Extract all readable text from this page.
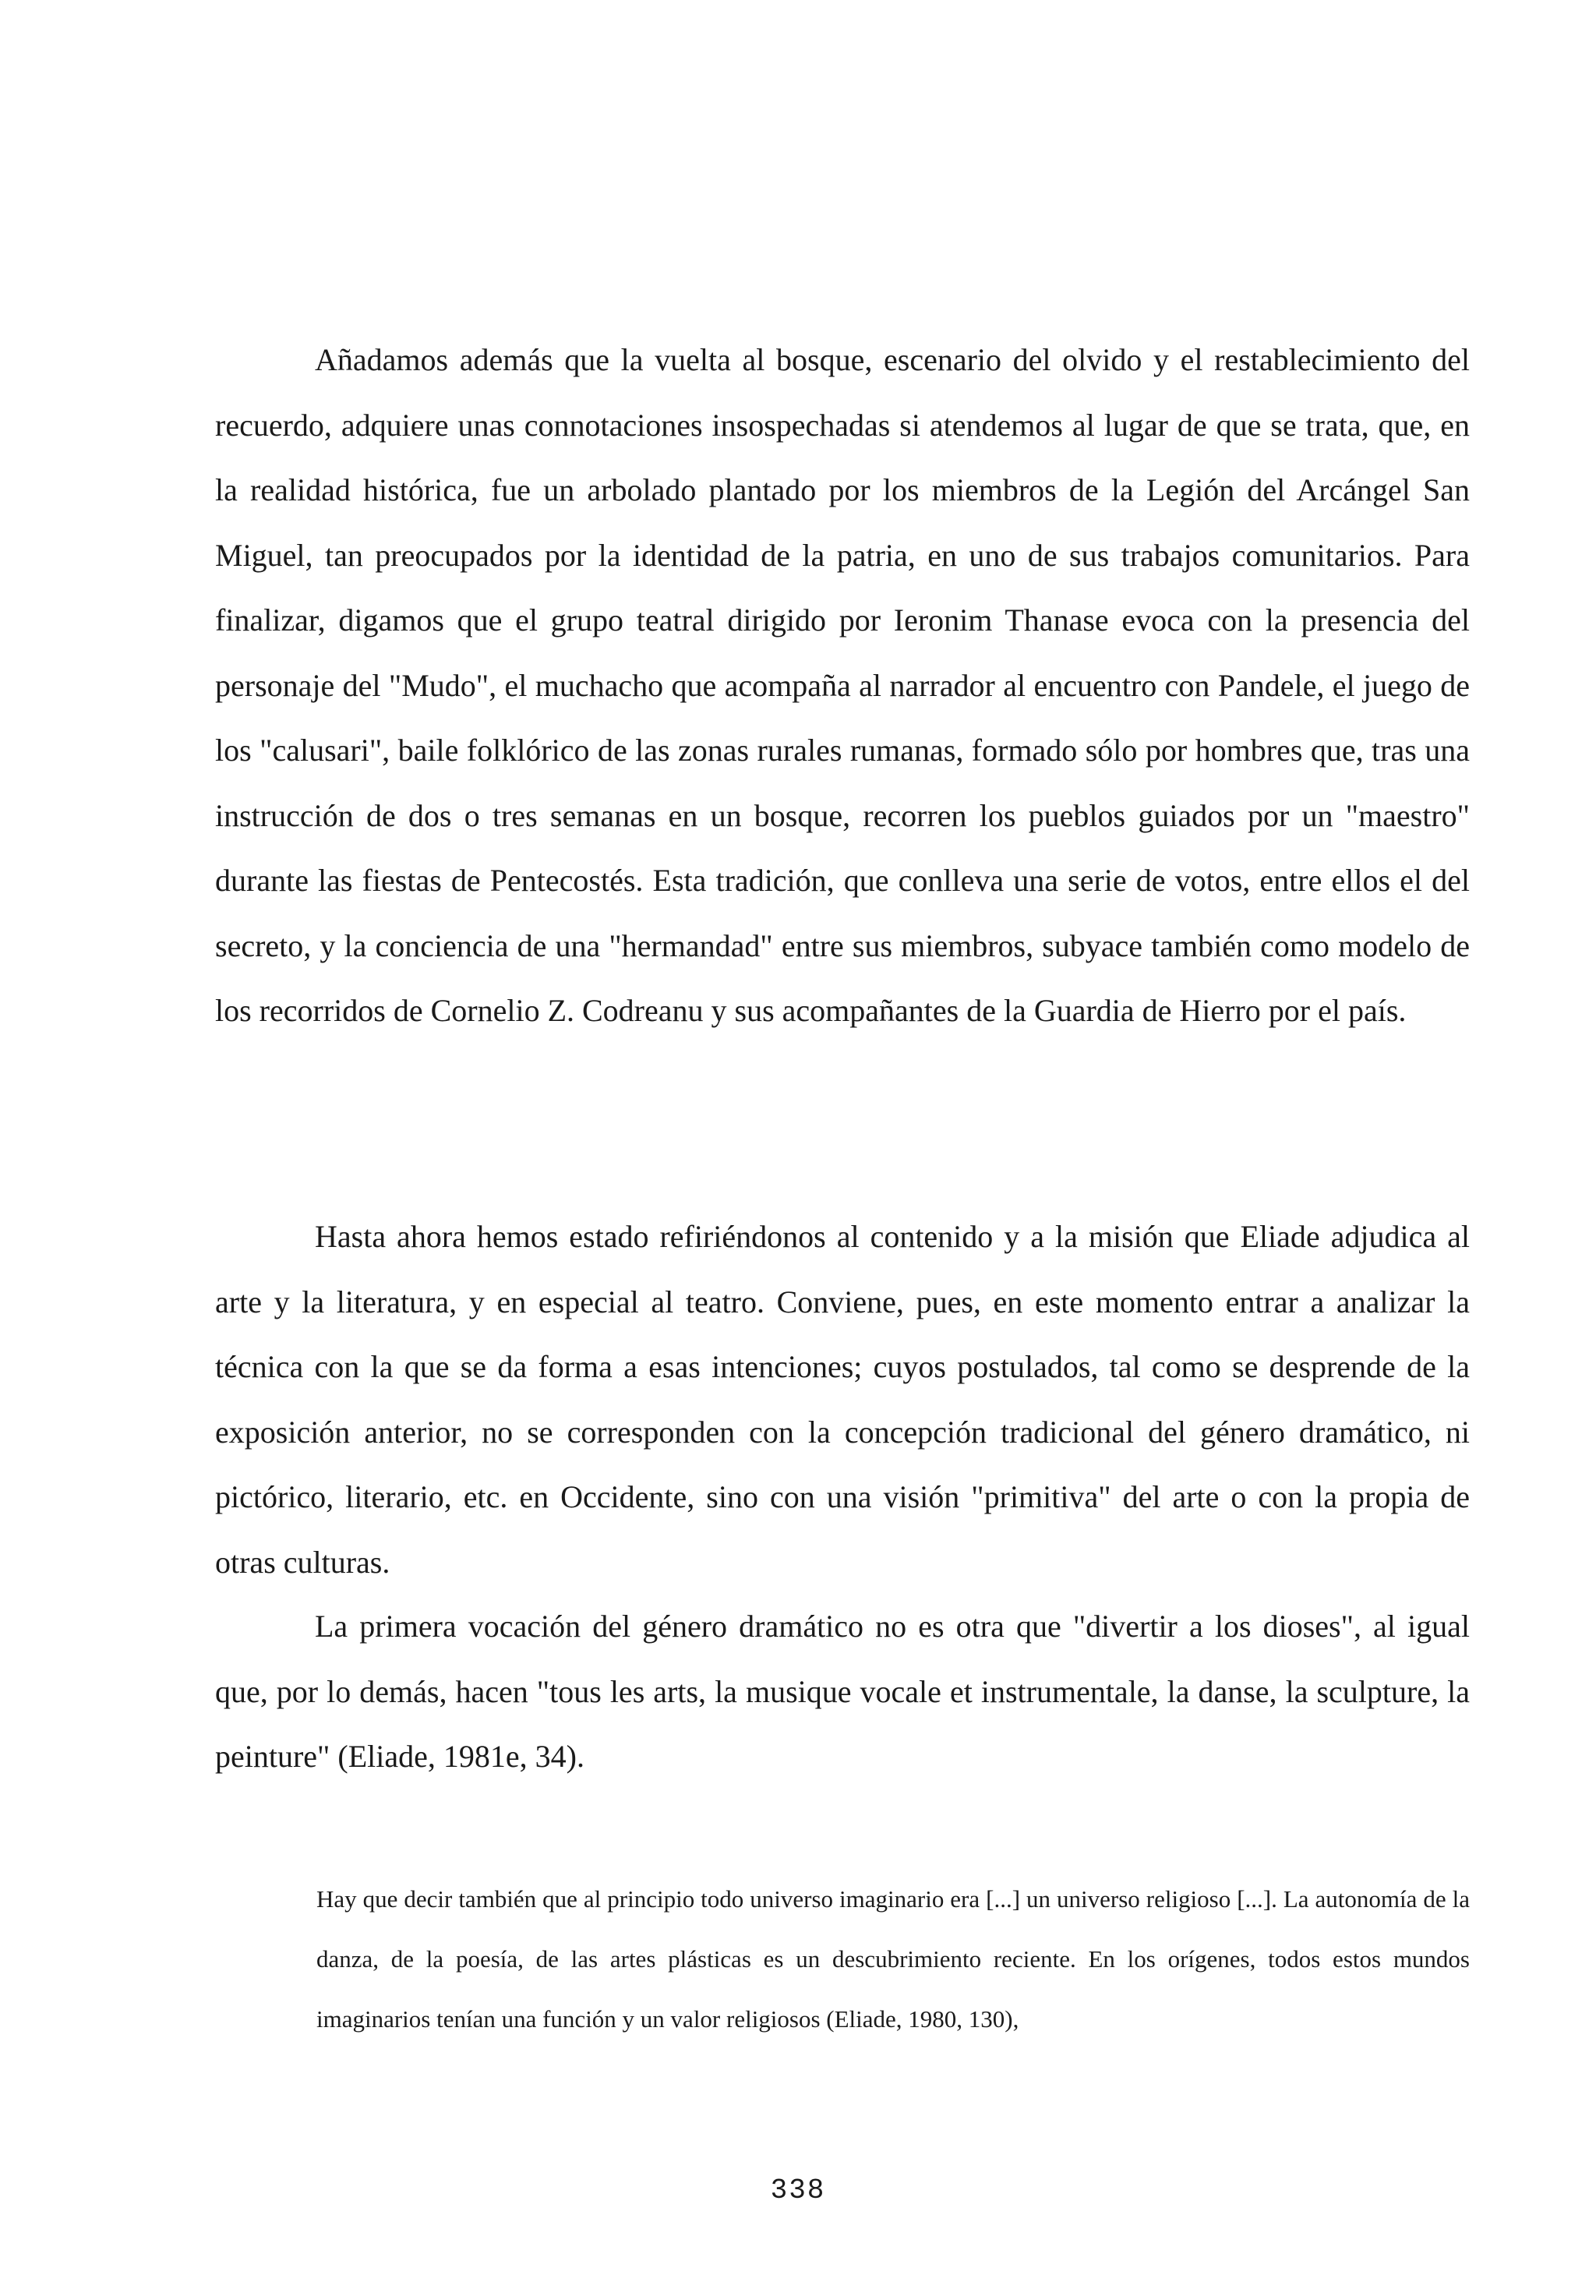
Añadamos además que la vuelta al bosque, escenario del olvido y el restablecimiento del recuerdo, adquiere unas connotaciones insospechadas si atendemos al lugar de que se trata, que, en la realidad histórica, fue un arbolado plantado por los miembros de la Legión del Arcángel San Miguel, tan preocupados por la identidad de la patria, en uno de sus trabajos comunitarios. Para finalizar, digamos que el grupo teatral dirigido por Ieronim Thanase evoca con la presencia del personaje del "Mudo", el muchacho que acompaña al narrador al encuentro con Pandele, el juego de los "calusari", baile folklórico de las zonas rurales rumanas, formado sólo por hombres que, tras una instrucción de dos o tres semanas en un bosque, recorren los pueblos guiados por un "maestro" durante las fiestas de Pentecostés. Esta tradición, que conlleva una serie de votos, entre ellos el del secreto, y la conciencia de una "hermandad" entre sus miembros, subyace también como modelo de los recorridos de Cornelio Z. Codreanu y sus acompañantes de la Guardia de Hierro por el país.

Hasta ahora hemos estado refiriéndonos al contenido y a la misión que Eliade adjudica al arte y la literatura, y en especial al teatro. Conviene, pues, en este momento entrar a analizar la técnica con la que se da forma a esas intenciones; cuyos postulados, tal como se desprende de la exposición anterior, no se corresponden con la concepción tradicional del género dramático, ni pictórico, literario, etc. en Occidente, sino con una visión "primitiva" del arte o con la propia de otras culturas.

La primera vocación del género dramático no es otra que "divertir a los dioses", al igual que, por lo demás, hacen "tous les arts, la musique vocale et instrumentale, la danse, la sculpture, la peinture" (Eliade, 1981e, 34).

Hay que decir también que al principio todo universo imaginario era [...] un universo religioso [...]. La autonomía de la danza, de la poesía, de las artes plásticas es un descubrimiento reciente. En los orígenes, todos estos mundos imaginarios tenían una función y un valor religiosos (Eliade, 1980, 130),

338
